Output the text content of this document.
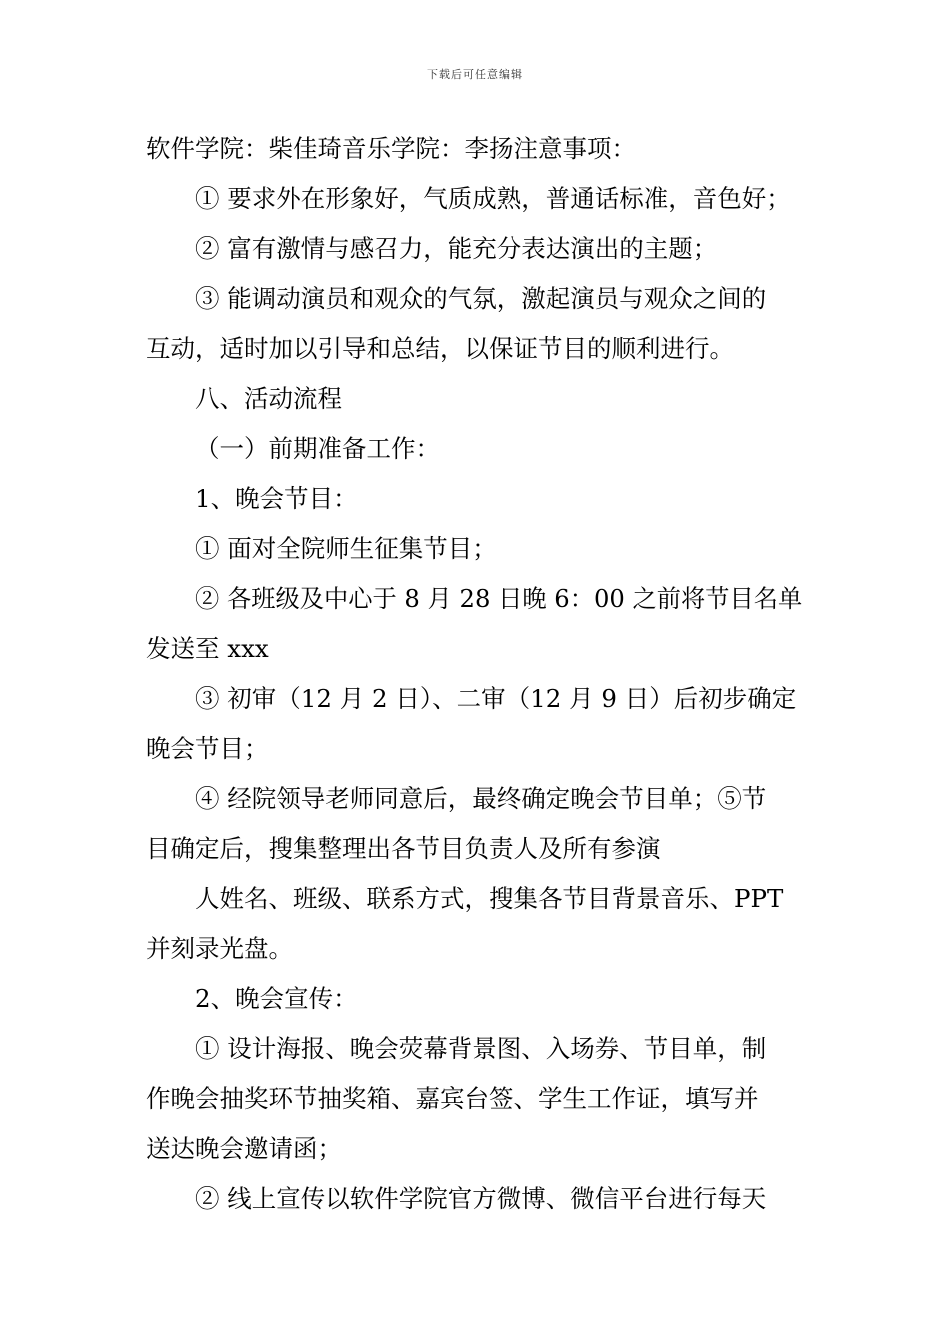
下载后可任意编辑
软件学院：柴佳琦音乐学院：李扬注意事项：
① 要求外在形象好，气质成熟，普通话标准，音色好；
② 富有激情与感召力，能充分表达演出的主题；
③ 能调动演员和观众的气氛，激起演员与观众之间的
互动，适时加以引导和总结，以保证节目的顺利进行。
八、活动流程
（一）前期准备工作：
1、晚会节目：
① 面对全院师生征集节目；
② 各班级及中心于 8 月 28 日晚 6：00 之前将节目名单
发送至 xxx
③ 初审（12 月 2 日）、二审（12 月 9 日）后初步确定
晚会节目；
④ 经院领导老师同意后，最终确定晚会节目单；⑤节
目确定后，搜集整理出各节目负责人及所有参演
人姓名、班级、联系方式，搜集各节目背景音乐、PPT
并刻录光盘。
2、晚会宣传：
① 设计海报、晚会荧幕背景图、入场券、节目单，制
作晚会抽奖环节抽奖箱、嘉宾台签、学生工作证，填写并
送达晚会邀请函；
② 线上宣传以软件学院官方微博、微信平台进行每天
